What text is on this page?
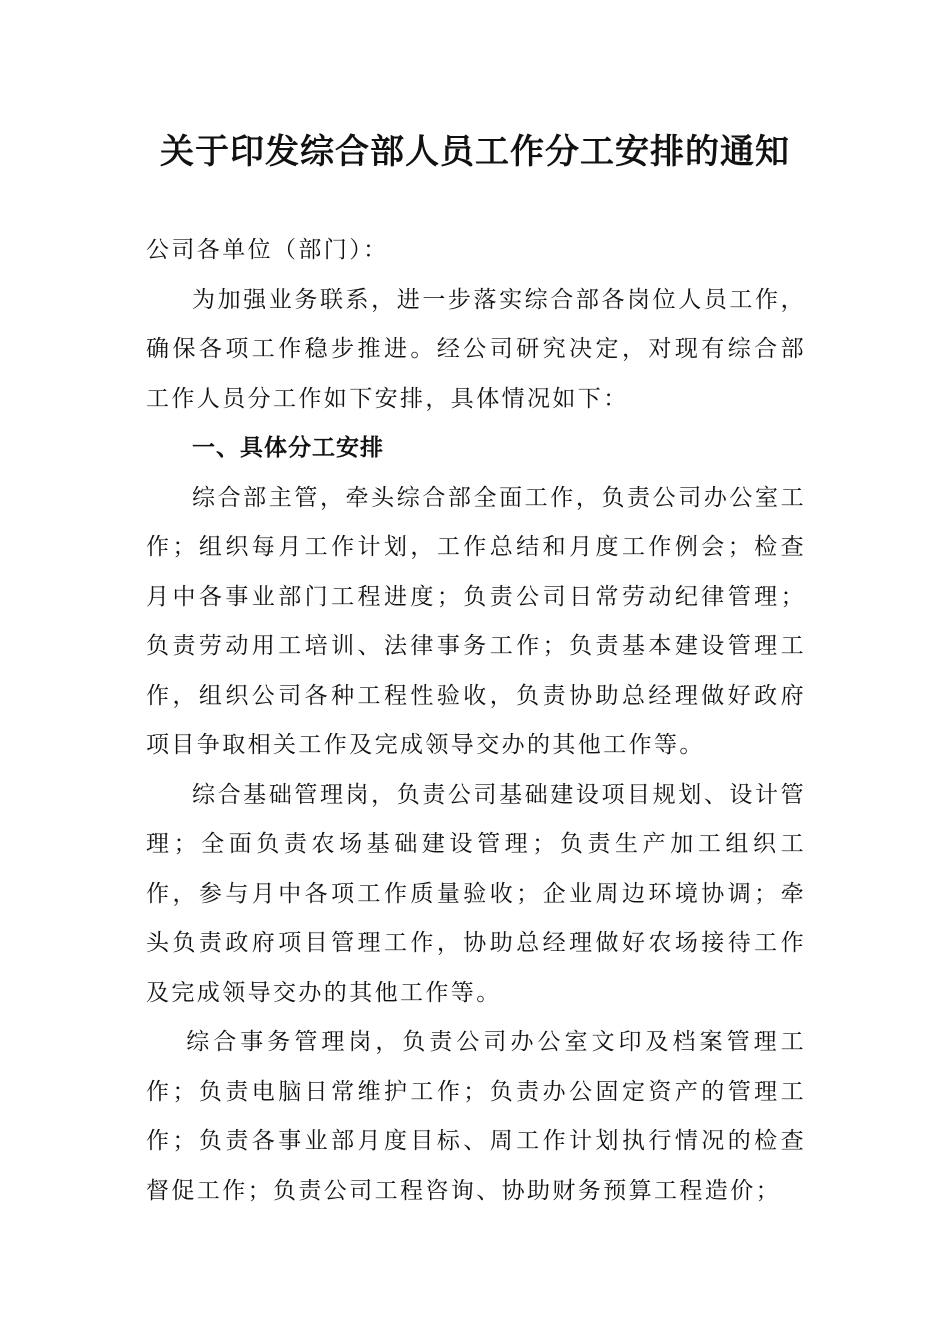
关于印发综合部人员工作分工安排的通知

公司各单位（部门）：

为加强业务联系，进一步落实综合部各岗位人员工作，确保各项工作稳步推进。经公司研究决定，对现有综合部工作人员分工作如下安排，具体情况如下：

一、具体分工安排

综合部主管，牵头综合部全面工作，负责公司办公室工作；组织每月工作计划，工作总结和月度工作例会；检查月中各事业部门工程进度；负责公司日常劳动纪律管理；负责劳动用工培训、法律事务工作；负责基本建设管理工作，组织公司各种工程性验收，负责协助总经理做好政府项目争取相关工作及完成领导交办的其他工作等。

综合基础管理岗，负责公司基础建设项目规划、设计管理；全面负责农场基础建设管理；负责生产加工组织工作，参与月中各项工作质量验收；企业周边环境协调；牵头负责政府项目管理工作，协助总经理做好农场接待工作及完成领导交办的其他工作等。

综合事务管理岗，负责公司办公室文印及档案管理工作；负责电脑日常维护工作；负责办公固定资产的管理工作；负责各事业部月度目标、周工作计划执行情况的检查督促工作；负责公司工程咨询、协助财务预算工程造价；
